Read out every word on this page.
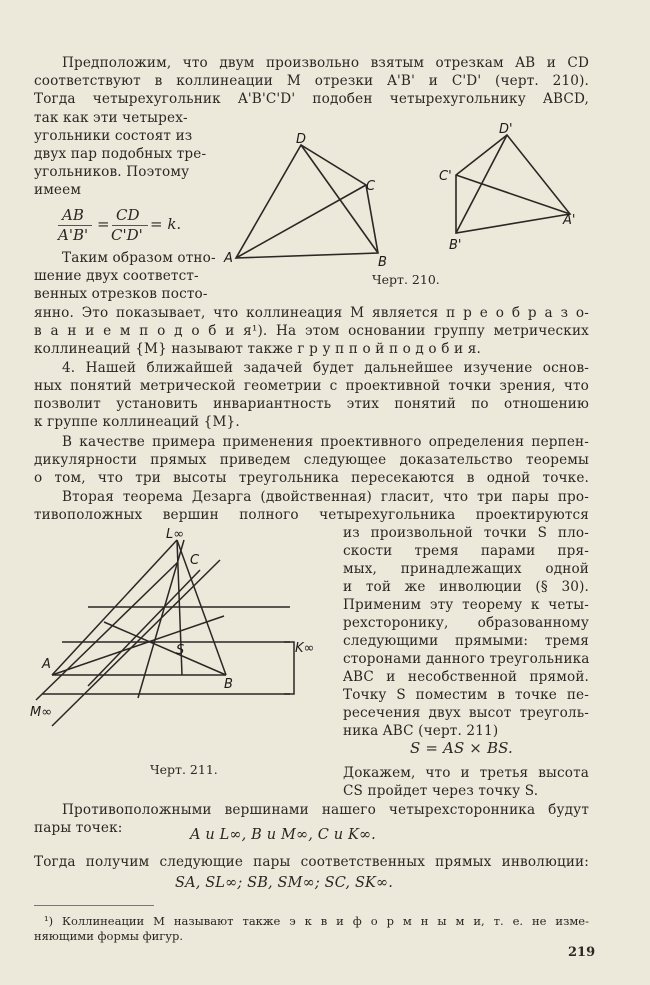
Предположим, что двум произвольно взятым отрезкам AB и CD
соответствуют в коллинеации M отрезки A'B' и C'D' (черт. 210).
Тогда четырехугольник A'B'C'D' подобен четырехугольнику ABCD,
так как эти четырех-
угольники состоят из
двух пар подобных тре-
угольников. Поэтому
имеем
AB
A'B'
= CD
C'D'
= k.
A	B
C
D
A'
B'
C'
D'
Черт. 210.
Таким образом отно-
шение двух соответст-
венных отрезков посто-
янно. Это показывает, что коллинеация M является п р е о б р а з о-
в а н и е м п о д о б и я¹). На этом основании группу метрических
коллинеаций {M} называют также г р у п п о й п о д о б и я.
4. Нашей ближайшей задачей будет дальнейшее изучение основ-
ных понятий метрической геометрии с проективной точки зрения, что
позволит установить инвариантность этих понятий по отношению
к группе коллинеаций {M}.
В качестве примера применения проективного определения перпен-
дикулярности прямых приведем следующее доказательство теоремы
о том, что три высоты треугольника пересекаются в одной точке.
Вторая теорема Дезарга (двойственная) гласит, что три пары про-
тивоположных вершин полного четырехугольника проектируются
из произвольной точки S пло-
скости тремя парами пря-
мых, принадлежащих одной
и той же инволюции (§ 30).
Применим эту теорему к четы-
рехсторонику, образованному
следующими прямыми: тремя
сторонами данного треугольника
ABC и несобственной прямой.
Точку S поместим в точке пе-
ресечения двух высот треуголь-
ника ABC (черт. 211)
S = AS × BS.
L∞
C
S	K∞
A
B
M∞
Черт. 211.	Докажем, что и третья высота
CS пройдет через точку S.
Противоположными вершинами нашего четырехсторонника будут
пары точек:	A и L∞, B и M∞, C и K∞.
Тогда получим следующие пары соответственных прямых инволюции:
SA, SL∞; SB, SM∞; SC, SK∞.
¹) Коллинеации M называют также э к в и ф о р м н ы м и, т. е. не изме-
няющими формы фигур.
219
